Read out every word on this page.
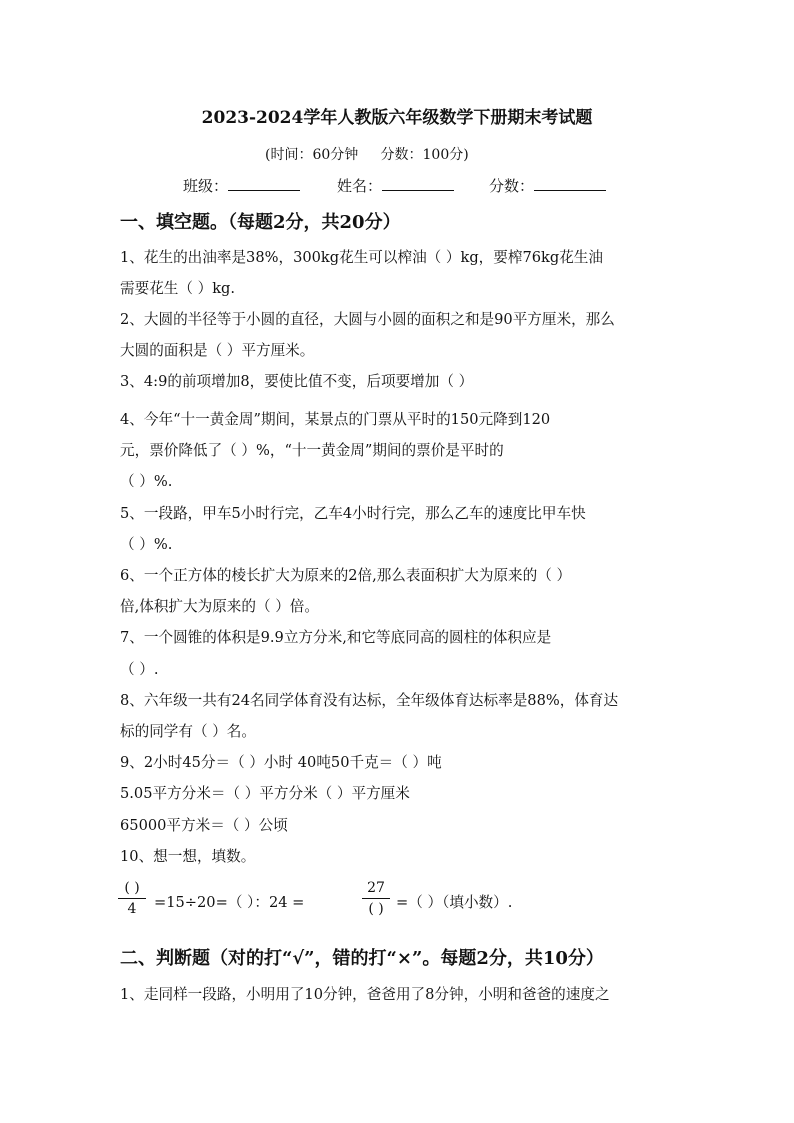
2023-2024学年人教版六年级数学下册期末考试题
(时间：60分钟     分数：100分)
班级：	姓名：	分数：
一、填空题。（每题2分，共20分）
1、花生的出油率是38%，300kg花生可以榨油（ ）kg，要榨76kg花生油
需要花生（ ）kg.
2、大圆的半径等于小圆的直径，大圆与小圆的面积之和是90平方厘米，那么
大圆的面积是（ ）平方厘米。
3、4:9的前项增加8，要使比值不变，后项要增加（ ）
4、今年“十一黄金周”期间，某景点的门票从平时的150元降到120
元，票价降低了（ ）%，“十一黄金周”期间的票价是平时的
（ ）%.
5、一段路，甲车5小时行完，乙车4小时行完，那么乙车的速度比甲车快
（ ）%.
6、一个正方体的棱长扩大为原来的2倍,那么表面积扩大为原来的（ ）
倍,体积扩大为原来的（ ）倍。
7、一个圆锥的体积是9.9立方分米,和它等底同高的圆柱的体积应是
（ ）.
8、六年级一共有24名同学体育没有达标，全年级体育达标率是88%，体育达
标的同学有（ ）名。
9、2小时45分＝（ ）小时 40吨50千克＝（ ）吨
5.05平方分米＝（ ）平方分米（ ）平方厘米
65000平方米＝（ ）公顷
10、想一想，填数。
( )
4	=15÷20=（ ）：24 =
27
( ) =（ ）（填小数）.
二、判断题（对的打“√”，错的打“×”。每题2分，共10分）
1、走同样一段路，小明用了10分钟，爸爸用了8分钟，小明和爸爸的速度之
